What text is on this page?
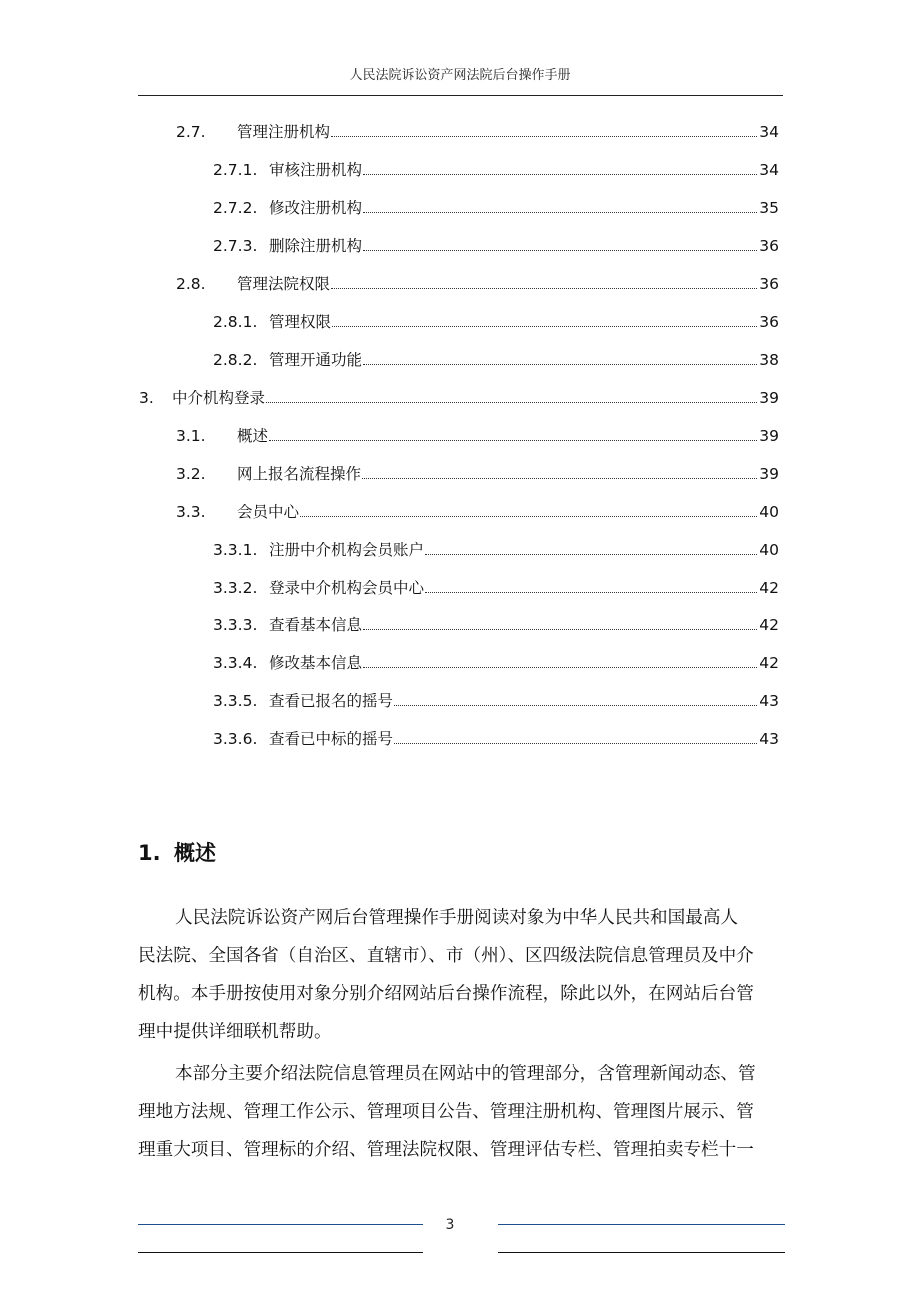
人民法院诉讼资产网法院后台操作手册
2.7.	管理注册机构	34
2.7.1. 审核注册机构	34
2.7.2. 修改注册机构	35
2.7.3. 删除注册机构	36
2.8.	管理法院权限	36
2.8.1. 管理权限	36
2.8.2. 管理开通功能	38
3.	中介机构登录	39
3.1.	概述	39
3.2.	网上报名流程操作	39
3.3.	会员中心	40
3.3.1. 注册中介机构会员账户	40
3.3.2. 登录中介机构会员中心	42
3.3.3. 查看基本信息	42
3.3.4. 修改基本信息	42
3.3.5. 查看已报名的摇号	43
3.3.6. 查看已中标的摇号	43
1. 概述
人民法院诉讼资产网后台管理操作手册阅读对象为中华人民共和国最高人
民法院、全国各省（自治区、直辖市）、市（州）、区四级法院信息管理员及中介
机构。本手册按使用对象分别介绍网站后台操作流程，除此以外，在网站后台管
理中提供详细联机帮助。
本部分主要介绍法院信息管理员在网站中的管理部分，含管理新闻动态、管
理地方法规、管理工作公示、管理项目公告、管理注册机构、管理图片展示、管
理重大项目、管理标的介绍、管理法院权限、管理评估专栏、管理拍卖专栏十一
3
